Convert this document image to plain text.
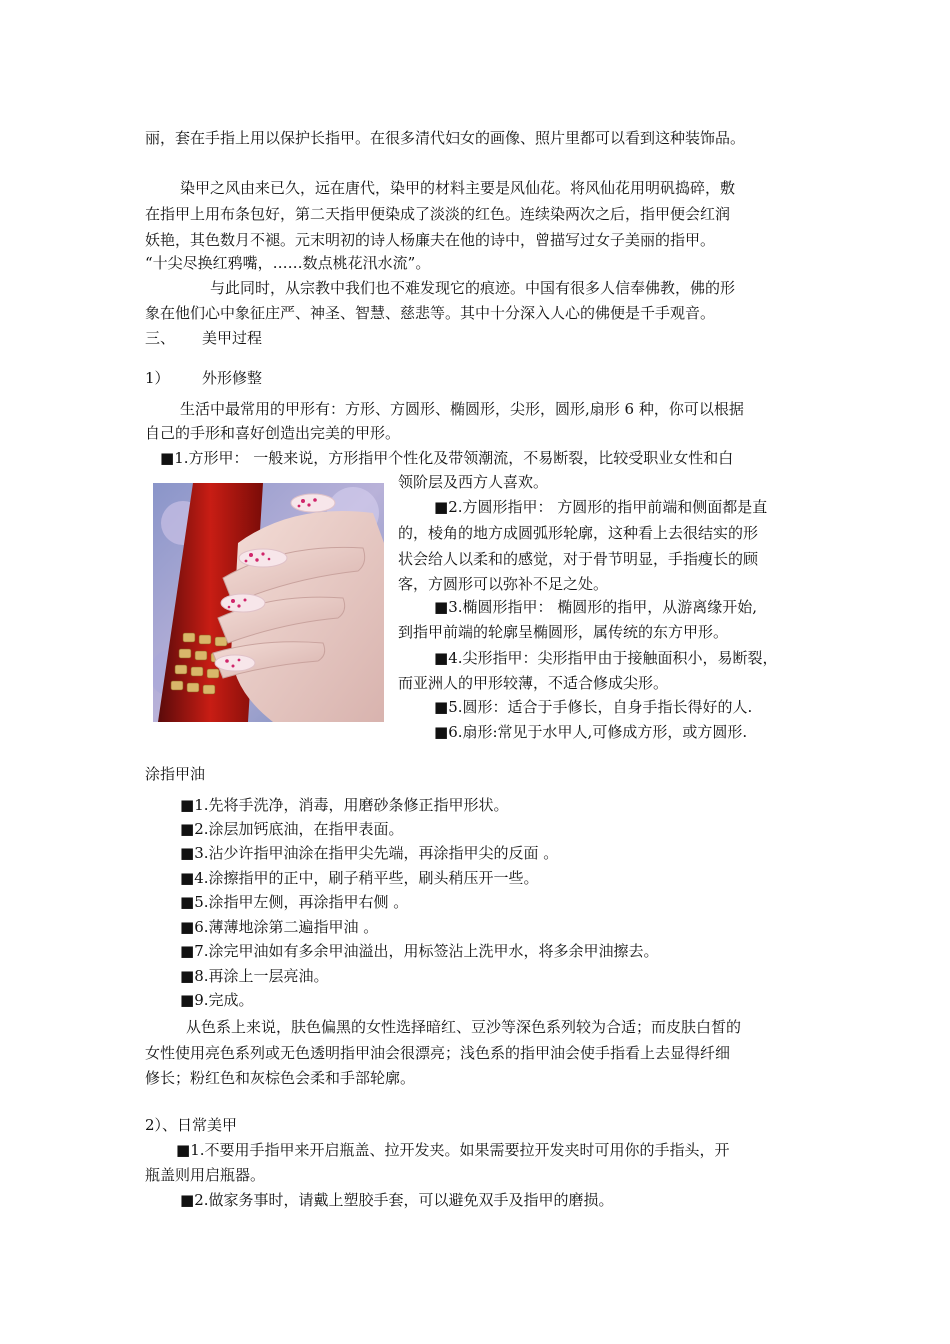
丽，套在手指上用以保护长指甲。在很多清代妇女的画像、照片里都可以看到这种装饰品。
染甲之风由来已久，远在唐代，染甲的材料主要是风仙花。将风仙花用明矾捣碎，敷
在指甲上用布条包好，第二天指甲便染成了淡淡的红色。连续染两次之后，指甲便会红润
妖艳，其色数月不褪。元末明初的诗人杨廉夫在他的诗中，曾描写过女子美丽的指甲。
“十尖尽换红鸦嘴，……数点桃花汛水流”。
与此同时，从宗教中我们也不难发现它的痕迹。中国有很多人信奉佛教，佛的形
象在他们心中象征庄严、神圣、智慧、慈悲等。其中十分深入人心的佛便是千手观音。
三、 美甲过程
1） 外形修整
生活中最常用的甲形有：方形、方圆形、椭圆形，尖形，圆形,扇形 6 种，你可以根据
自己的手形和喜好创造出完美的甲形。
■1.方形甲： 一般来说，方形指甲个性化及带领潮流，不易断裂，比较受职业女性和白
领阶层及西方人喜欢。
■2.方圆形指甲： 方圆形的指甲前端和侧面都是直
的，棱角的地方成圆弧形轮廓，这种看上去很结实的形
状会给人以柔和的感觉，对于骨节明显，手指瘦长的顾
客，方圆形可以弥补不足之处。
■3.椭圆形指甲： 椭圆形的指甲，从游离缘开始,
到指甲前端的轮廓呈椭圆形，属传统的东方甲形。
■4.尖形指甲：尖形指甲由于接触面积小，易断裂，
而亚洲人的甲形较薄，不适合修成尖形。
■5.圆形：适合于手修长，自身手指长得好的人.
■6.扇形:常见于水甲人,可修成方形，或方圆形.
涂指甲油
■1.先将手洗净，消毒，用磨砂条修正指甲形状。
■2.涂层加钙底油，在指甲表面。
■3.沾少许指甲油涂在指甲尖先端，再涂指甲尖的反面 。
■4.涂擦指甲的正中，刷子稍平些，刷头稍压开一些。
■5.涂指甲左侧，再涂指甲右侧 。
■6.薄薄地涂第二遍指甲油 。
■7.涂完甲油如有多余甲油溢出，用标签沾上洗甲水，将多余甲油擦去。
■8.再涂上一层亮油。
■9.完成。
从色系上来说，肤色偏黑的女性选择暗红、豆沙等深色系列较为合适；而皮肤白皙的
女性使用亮色系列或无色透明指甲油会很漂亮；浅色系的指甲油会使手指看上去显得纤细
修长；粉红色和灰棕色会柔和手部轮廓。
2）、日常美甲
■1.不要用手指甲来开启瓶盖、拉开发夹。如果需要拉开发夹时可用你的手指头，开
瓶盖则用启瓶器。
■2.做家务事时，请戴上塑胶手套，可以避免双手及指甲的磨损。
